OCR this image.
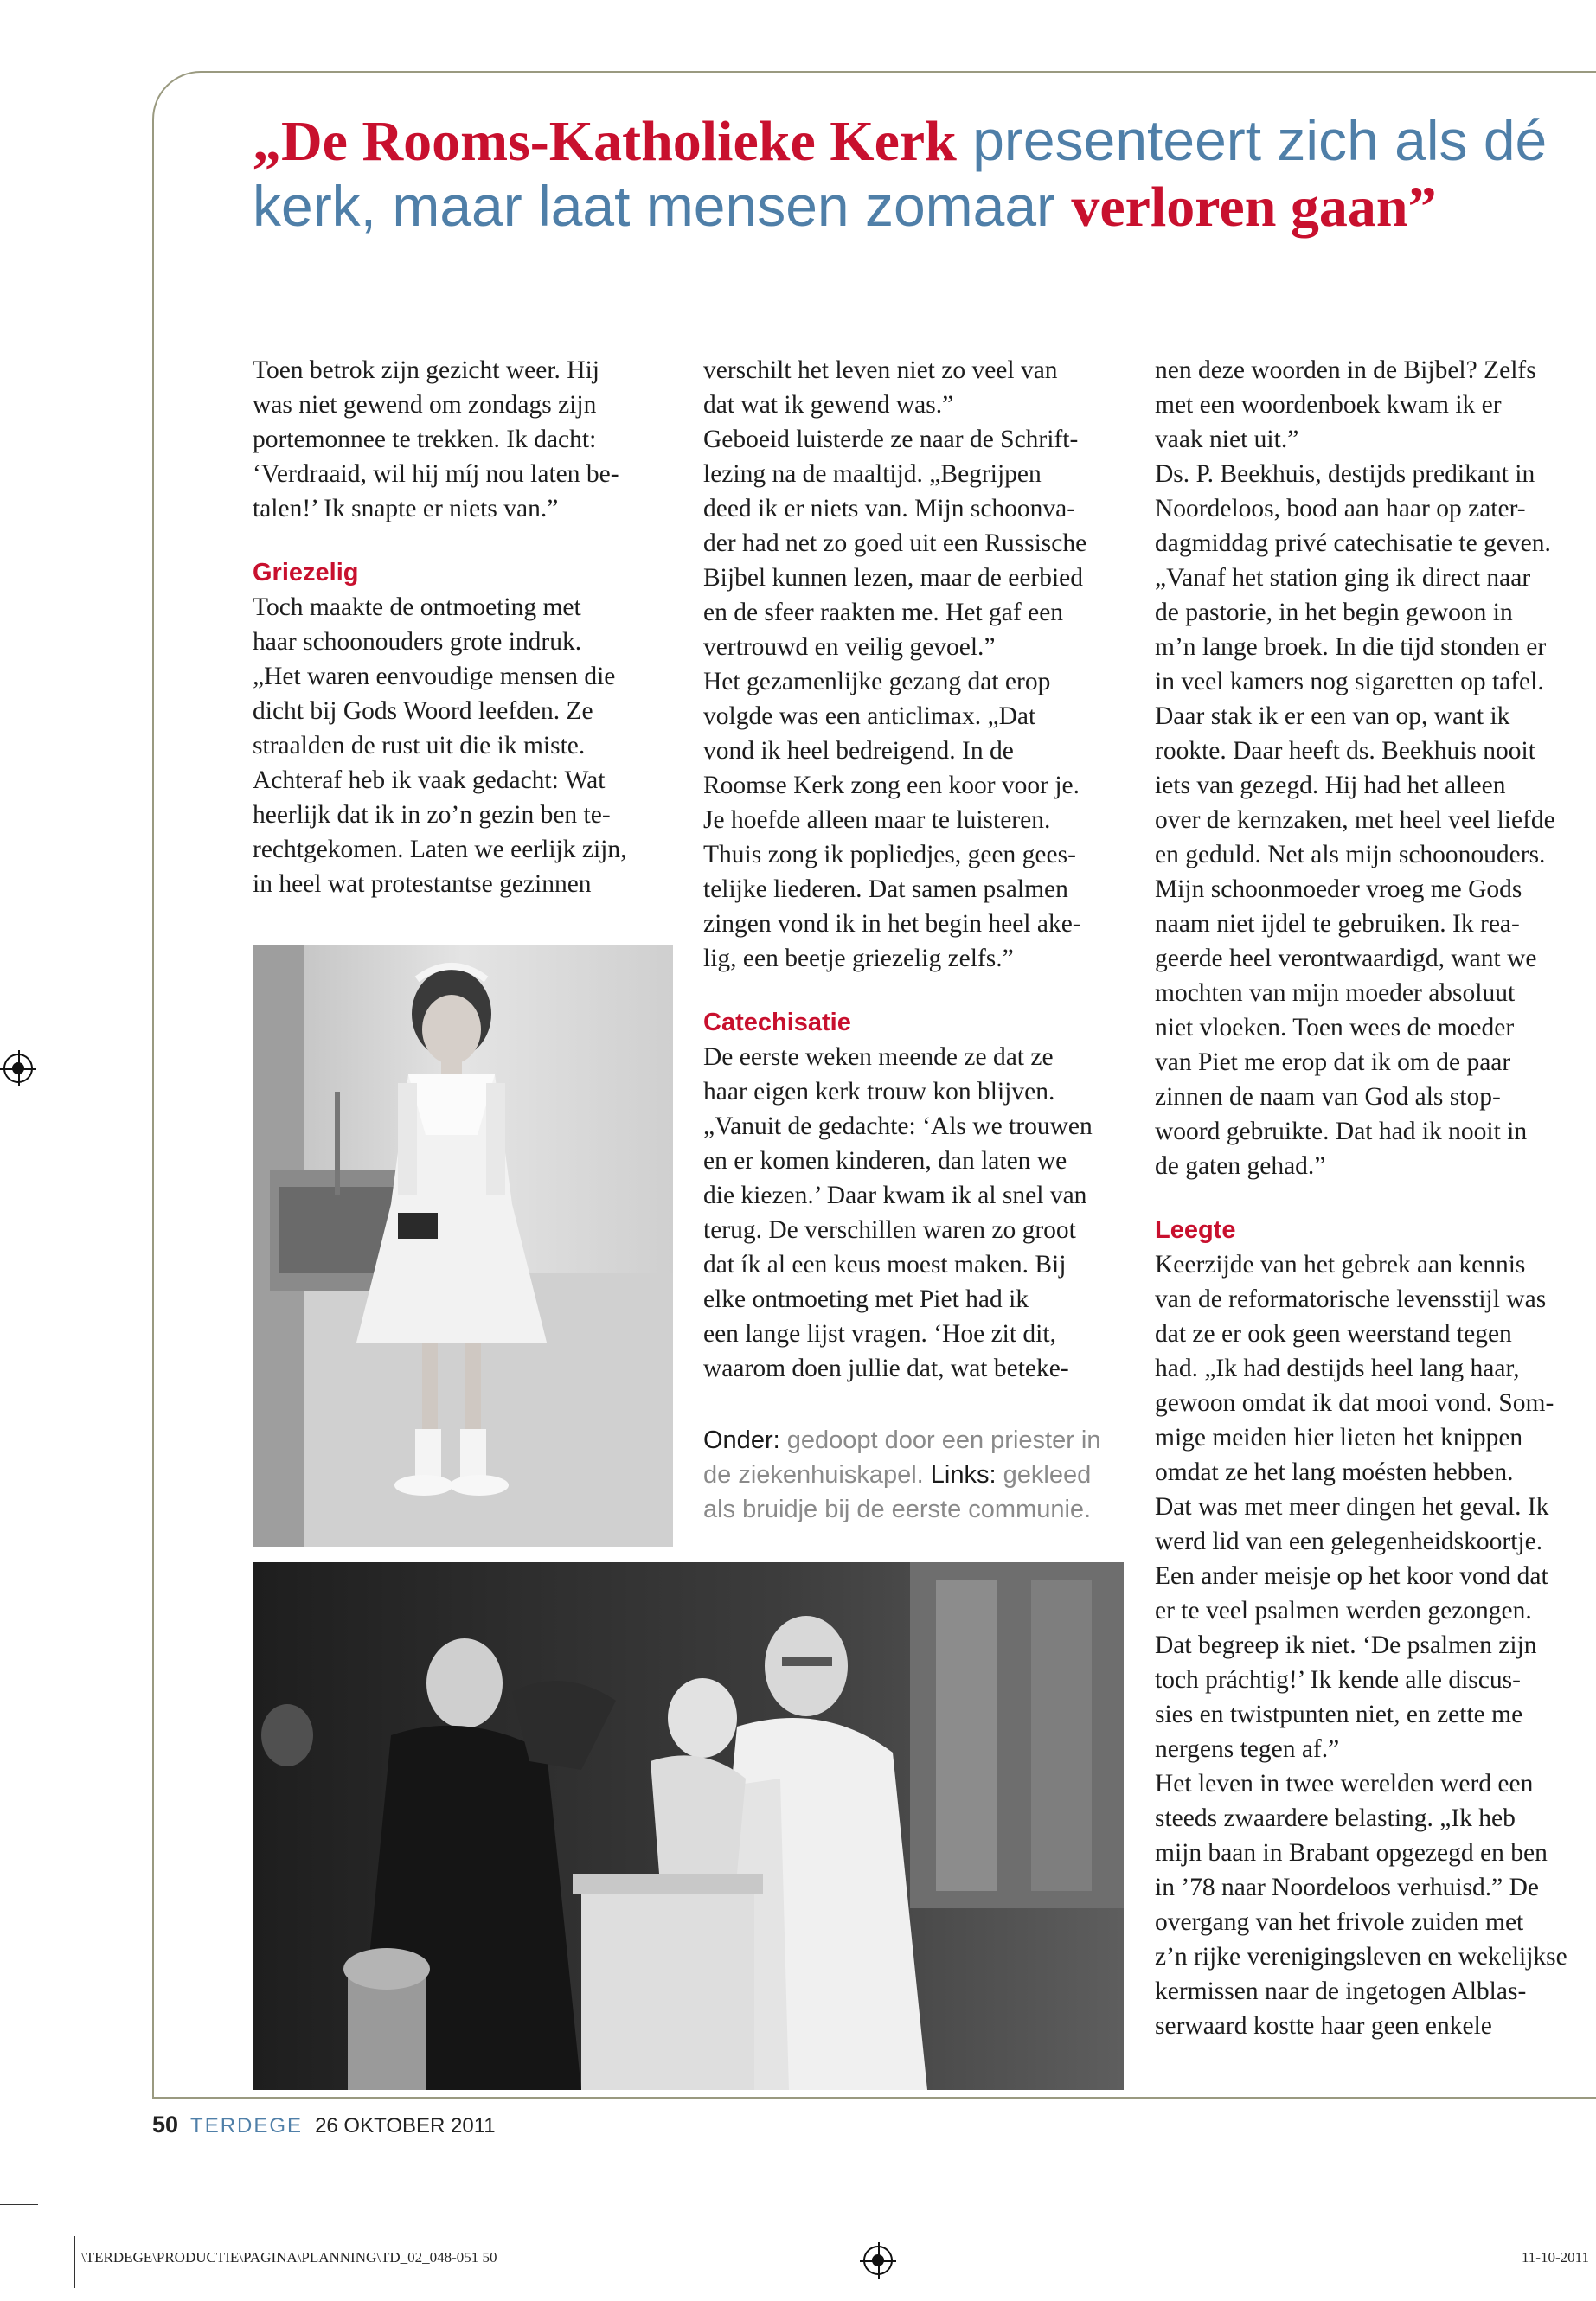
„De Rooms-Katholieke Kerk presenteert zich als dé kerk, maar laat mensen zomaar verloren gaan”
Toen betrok zijn gezicht weer. Hij
was niet gewend om zondags zijn
portemonnee te trekken. Ik dacht:
‘Verdraaid, wil hij míj nou laten be-
talen!’ Ik snapte er niets van.”
Griezelig
Toch maakte de ontmoeting met
haar schoonouders grote indruk.
„Het waren eenvoudige mensen die
dicht bij Gods Woord leefden. Ze
straalden de rust uit die ik miste.
Achteraf heb ik vaak gedacht: Wat
heerlijk dat ik in zo’n gezin ben te-
rechtgekomen. Laten we eerlijk zijn,
in heel wat protestantse gezinnen
verschilt het leven niet zo veel van
dat wat ik gewend was.”
Geboeid luisterde ze naar de Schrift-
lezing na de maaltijd. „Begrijpen
deed ik er niets van. Mijn schoonva-
der had net zo goed uit een Russische
Bijbel kunnen lezen, maar de eerbied
en de sfeer raakten me. Het gaf een
vertrouwd en veilig gevoel.”
Het gezamenlijke gezang dat erop
volgde was een anticlimax. „Dat
vond ik heel bedreigend. In de
Roomse Kerk zong een koor voor je.
Je hoefde alleen maar te luisteren.
Thuis zong ik popliedjes, geen gees-
telijke liederen. Dat samen psalmen
zingen vond ik in het begin heel ake-
lig, een beetje griezelig zelfs.”
Catechisatie
De eerste weken meende ze dat ze
haar eigen kerk trouw kon blijven.
„Vanuit de gedachte: ‘Als we trouwen
en er komen kinderen, dan laten we
die kiezen.’ Daar kwam ik al snel van
terug. De verschillen waren zo groot
dat ík al een keus moest maken. Bij
elke ontmoeting met Piet had ik
een lange lijst vragen. ‘Hoe zit dit,
waarom doen jullie dat, wat beteke-
nen deze woorden in de Bijbel? Zelfs
met een woordenboek kwam ik er
vaak niet uit.”
Ds. P. Beekhuis, destijds predikant in
Noordeloos, bood aan haar op zater-
dagmiddag privé catechisatie te geven.
„Vanaf het station ging ik direct naar
de pastorie, in het begin gewoon in
m’n lange broek. In die tijd stonden er
in veel kamers nog sigaretten op tafel.
Daar stak ik er een van op, want ik
rookte. Daar heeft ds. Beekhuis nooit
iets van gezegd. Hij had het alleen
over de kernzaken, met heel veel liefde
en geduld. Net als mijn schoonouders.
Mijn schoonmoeder vroeg me Gods
naam niet ijdel te gebruiken. Ik rea-
geerde heel verontwaardigd, want we
mochten van mijn moeder absoluut
niet vloeken. Toen wees de moeder
van Piet me erop dat ik om de paar
zinnen de naam van God als stop-
woord gebruikte. Dat had ik nooit in
de gaten gehad.”
Leegte
Keerzijde van het gebrek aan kennis
van de reformatorische levensstijl was
dat ze er ook geen weerstand tegen
had. „Ik had destijds heel lang haar,
gewoon omdat ik dat mooi vond. Som-
mige meiden hier lieten het knippen
omdat ze het lang moésten hebben.
Dat was met meer dingen het geval. Ik
werd lid van een gelegenheidskoortje.
Een ander meisje op het koor vond dat
er te veel psalmen werden gezongen.
Dat begreep ik niet. ‘De psalmen zijn
toch práchtig!’ Ik kende alle discus-
sies en twistpunten niet, en zette me
nergens tegen af.”
Het leven in twee werelden werd een
steeds zwaardere belasting. „Ik heb
mijn baan in Brabant opgezegd en ben
in ’78 naar Noordeloos verhuisd.” De
overgang van het frivole zuiden met
z’n rijke verenigingsleven en wekelijkse
kermissen naar de ingetogen Alblas-
serwaard kostte haar geen enkele
Onder: gedoopt door een priester in
de ziekenhuiskapel. Links: gekleed
als bruidje bij de eerste communie.
50 TERDEGE 26 OKTOBER 2011
\TERDEGE\PRODUCTIE\PAGINA\PLANNING\TD_02_048-051 50	11-10-2011
